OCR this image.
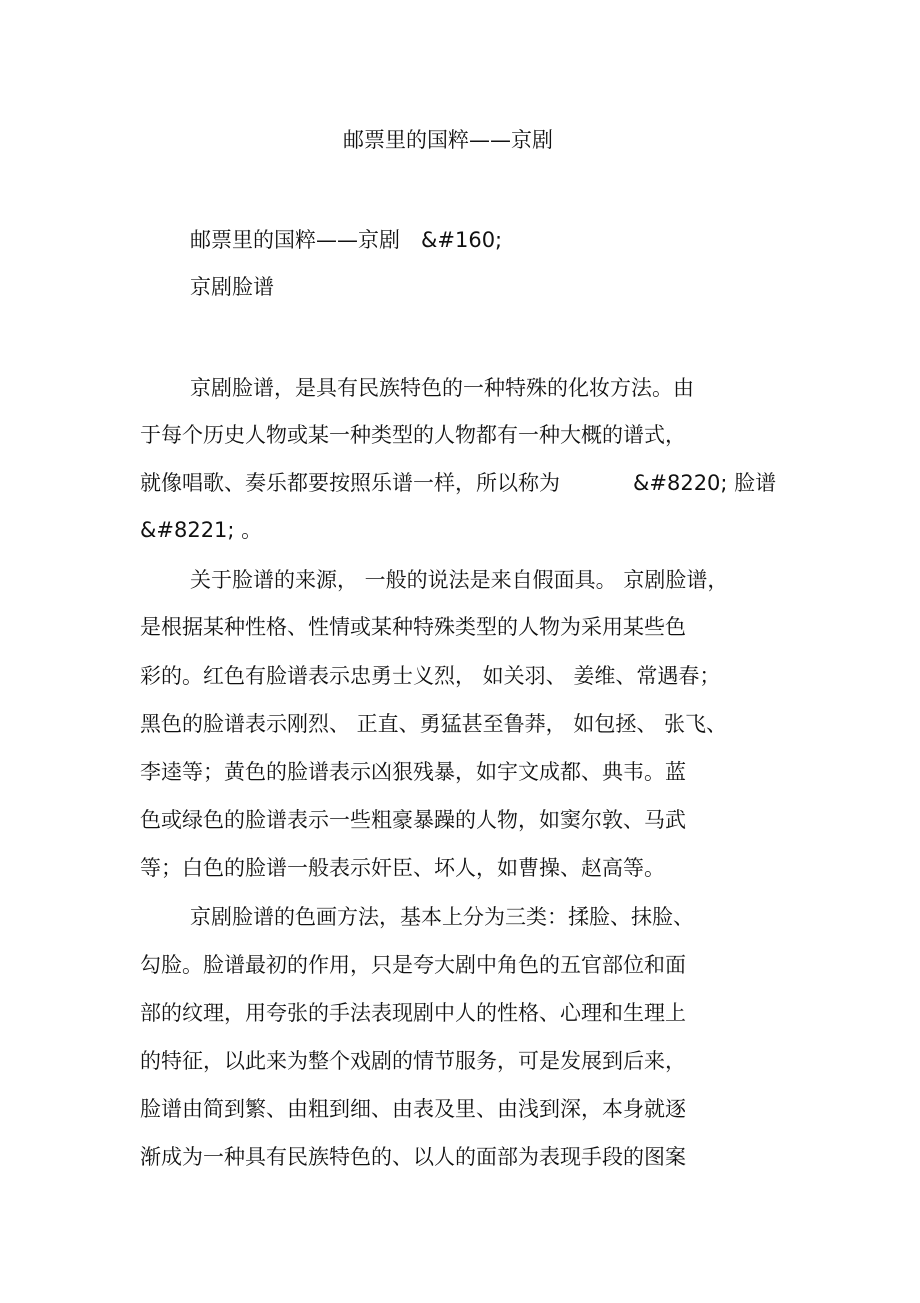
邮票里的国粹——京剧
邮票里的国粹——京剧　&#160;
京剧脸谱
京剧脸谱，是具有民族特色的一种特殊的化妆方法。由
于每个历史人物或某一种类型的人物都有一种大概的谱式，
就像唱歌、奏乐都要按照乐谱一样，所以称为	&#8220; 脸谱
&#8221; 。
关于脸谱的来源， 一般的说法是来自假面具。 京剧脸谱，
是根据某种性格、性情或某种特殊类型的人物为采用某些色
彩的。红色有脸谱表示忠勇士义烈， 如关羽、 姜维、常遇春；
黑色的脸谱表示刚烈、 正直、勇猛甚至鲁莽， 如包拯、 张飞、
李逵等；黄色的脸谱表示凶狠残暴，如宇文成都、典韦。蓝
色或绿色的脸谱表示一些粗豪暴躁的人物，如窦尔敦、马武
等；白色的脸谱一般表示奸臣、坏人，如曹操、赵高等。
京剧脸谱的色画方法，基本上分为三类：揉脸、抹脸、
勾脸。脸谱最初的作用，只是夸大剧中角色的五官部位和面
部的纹理，用夸张的手法表现剧中人的性格、心理和生理上
的特征，以此来为整个戏剧的情节服务，可是发展到后来，
脸谱由简到繁、由粗到细、由表及里、由浅到深，本身就逐
渐成为一种具有民族特色的、以人的面部为表现手段的图案
